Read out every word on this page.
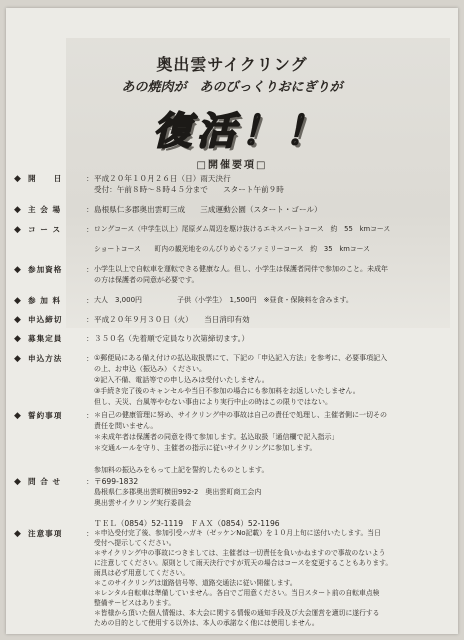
奥出雲サイクリング
あの焼肉が　あのびっくりおにぎりが
復活！！
□開催要項□
◆ 開　　日	： 平成２０年１０月２６日（日）雨天決行
受付：午前８時〜８時４５分まで　　スタート午前９時
◆ 主 会 場	： 島根県仁多郡奥出雲町三成　　三成運動公園（スタート・ゴール）
◆ コ ー ス	： ロングコース（中学生以上）尾原ダム周辺を駆け抜けるエキスパートコース　約　55　kmコース
ショートコース　　町内の観光地をのんびりめぐるファミリーコース　約　35　kmコース
◆ 参加資格	： 小学生以上で自転車を運転できる健康な人。但し、小学生は保護者同伴で参加のこと。未成年
の方は保護者の同意が必要です。
◆ 参 加 料	： 大人　3,000円　　　　　子供（小学生）　1,500円　※昼食・保険料を含みます。
◆ 申込締切	： 平成２０年９月３０日（火）　　当日消印有効
◆ 募集定員	： ３５０名（先着順で定員なり次第締切ます。）
◆ 申込方法	： ①郵便局にある備え付けの払込取扱票にて、下記の「申込記入方法」を参考に、必要事項記入
の上、お申込（振込み）ください。
②記入不備、電話等での申し込みは受付いたしません。
③手続き完了後のキャンセルや当日不参加の場合にも参加料をお返しいたしません。
但し、天災、台風等やむない事由により実行中止の時はこの限りではない。
◆ 誓約事項	： ＊自己の健康管理に努め、サイクリング中の事故は自己の責任で処理し、主催者側に一切その
責任を問いません。
＊未成年者は保護者の同意を得て参加します。払込取扱「通信欄で記入指示」
＊交通ルールを守り、主催者の指示に従いサイクリングに参加します。
参加料の振込みをもって上記を誓約したものとします。
◆ 問 合 せ	： 〒699-1832
島根県仁多郡奥出雲町横田992-2　奥出雲町商工会内
奥出雲サイクリング実行委員会
ＴＥＬ（0854）52-1119　ＦＡＸ（0854）52-1196
◆ 注意事項	： ＊申込受付完了後、参加引受ハガキ（ゼッケンNo記載）を１０月上旬に送付いたします。当日
受付へ提示してください。
＊サイクリング中の事故につきましては、主催者は一切責任を負いかねますので事故のないよう
に注意してください。原則として雨天決行ですが荒天の場合はコースを変更することもあります。
雨具は必ず用意してください。
＊このサイクリングは道路信号等、道路交通法に従い開催します。
＊レンタル自転車は準備していません。各自でご用意ください。当日スタート前の自転車点検
整備サービスはあります。
＊皆様から頂いた個人情報は、本大会に関する情報の通知手段及び大会運営を適切に遂行する
ための目的として使用する以外は、本人の承諾なく他には使用しません。
